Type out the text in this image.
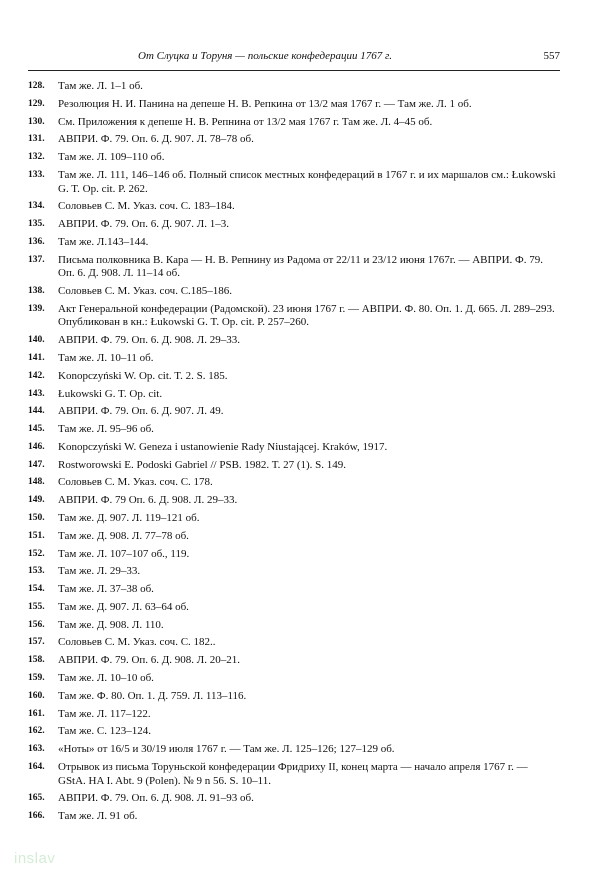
От Слуцка и Торуня — польские конфедерации 1767 г.	557
128. Там же. Л. 1–1 об.
129. Резолюция Н. И. Панина на депеше Н. В. Репкина от 13/2 мая 1767 г. — Там же. Л. 1 об.
130. См. Приложения к депеше Н. В. Репнина от 13/2 мая 1767 г. Там же. Л. 4–45 об.
131. АВПРИ. Ф. 79. Оп. 6. Д. 907. Л. 78–78 об.
132. Там же. Л. 109–110 об.
133. Там же. Л. 111, 146–146 об. Полный список местных конфедераций в 1767 г. и их маршалов см.: Łukowski G. T. Op. cit. P. 262.
134. Соловьев С. М. Указ. соч. С. 183–184.
135. АВПРИ. Ф. 79. Оп. 6. Д. 907. Л. 1–3.
136. Там же. Л.143–144.
137. Письма полковника В. Кара — Н. В. Репнину из Радома от 22/11 и 23/12 июня 1767г. — АВПРИ. Ф. 79. Оп. 6. Д. 908. Л. 11–14 об.
138. Соловьев С. М. Указ. соч. С.185–186.
139. Акт Генеральной конфедерации (Радомской). 23 июня 1767 г. — АВПРИ. Ф. 80. Оп. 1. Д. 665. Л. 289–293. Опубликован в кн.: Łukowski G. T. Op. cit. P. 257–260.
140. АВПРИ. Ф. 79. Оп. 6. Д. 908. Л. 29–33.
141. Там же. Л. 10–11 об.
142. Konopczyński W. Op. cit. T. 2. S. 185.
143. Łukowski G. T. Op. cit.
144. АВПРИ. Ф. 79. Оп. 6. Д. 907. Л. 49.
145. Там же. Л. 95–96 об.
146. Konopczyński W. Geneza i ustanowienie Rady Niustającej. Kraków, 1917.
147. Rostworowski E. Podoski Gabriel // PSB. 1982. T. 27 (1). S. 149.
148. Соловьев С. М. Указ. соч. С. 178.
149. АВПРИ. Ф. 79 Оп. 6. Д. 908. Л. 29–33.
150. Там же. Д. 907. Л. 119–121 об.
151. Там же. Д. 908. Л. 77–78 об.
152. Там же. Л. 107–107 об., 119.
153. Там же. Л. 29–33.
154. Там же. Л. 37–38 об.
155. Там же. Д. 907. Л. 63–64 об.
156. Там же. Д. 908. Л. 110.
157. Соловьев С. М. Указ. соч. С. 182..
158. АВПРИ. Ф. 79. Оп. 6. Д. 908. Л. 20–21.
159. Там же. Л. 10–10 об.
160. Там же. Ф. 80. Оп. 1. Д. 759. Л. 113–116.
161. Там же. Л. 117–122.
162. Там же. С. 123–124.
163. «Ноты» от 16/5 и 30/19 июля 1767 г. — Там же. Л. 125–126; 127–129 об.
164. Отрывок из письма Торуньской конфедерации Фридриху II, конец марта — начало апреля 1767 г. — GStA. HA I. Abt. 9 (Polen). № 9 n 56. S. 10–11.
165. АВПРИ. Ф. 79. Оп. 6. Д. 908. Л. 91–93 об.
166. Там же. Л. 91 об.
inslav
